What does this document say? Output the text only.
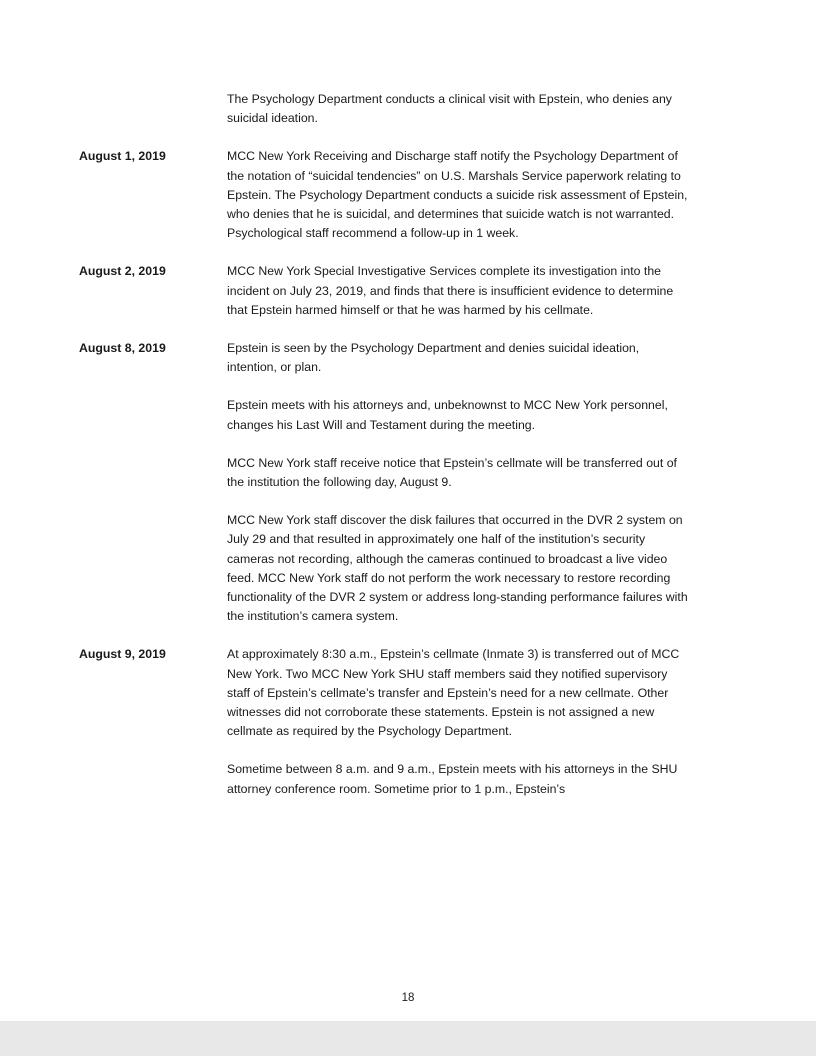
The Psychology Department conducts a clinical visit with Epstein, who denies any suicidal ideation.

August 1, 2019	MCC New York Receiving and Discharge staff notify the Psychology Department of the notation of “suicidal tendencies” on U.S. Marshals Service paperwork relating to Epstein. The Psychology Department conducts a suicide risk assessment of Epstein, who denies that he is suicidal, and determines that suicide watch is not warranted. Psychological staff recommend a follow-up in 1 week.

August 2, 2019	MCC New York Special Investigative Services complete its investigation into the incident on July 23, 2019, and finds that there is insufficient evidence to determine that Epstein harmed himself or that he was harmed by his cellmate.

August 8, 2019	Epstein is seen by the Psychology Department and denies suicidal ideation, intention, or plan.

Epstein meets with his attorneys and, unbeknownst to MCC New York personnel, changes his Last Will and Testament during the meeting.

MCC New York staff receive notice that Epstein’s cellmate will be transferred out of the institution the following day, August 9.

MCC New York staff discover the disk failures that occurred in the DVR 2 system on July 29 and that resulted in approximately one half of the institution’s security cameras not recording, although the cameras continued to broadcast a live video feed. MCC New York staff do not perform the work necessary to restore recording functionality of the DVR 2 system or address long-standing performance failures with the institution’s camera system.

August 9, 2019	At approximately 8:30 a.m., Epstein’s cellmate (Inmate 3) is transferred out of MCC New York. Two MCC New York SHU staff members said they notified supervisory staff of Epstein’s cellmate’s transfer and Epstein’s need for a new cellmate. Other witnesses did not corroborate these statements. Epstein is not assigned a new cellmate as required by the Psychology Department.

Sometime between 8 a.m. and 9 a.m., Epstein meets with his attorneys in the SHU attorney conference room. Sometime prior to 1 p.m., Epstein’s

18
